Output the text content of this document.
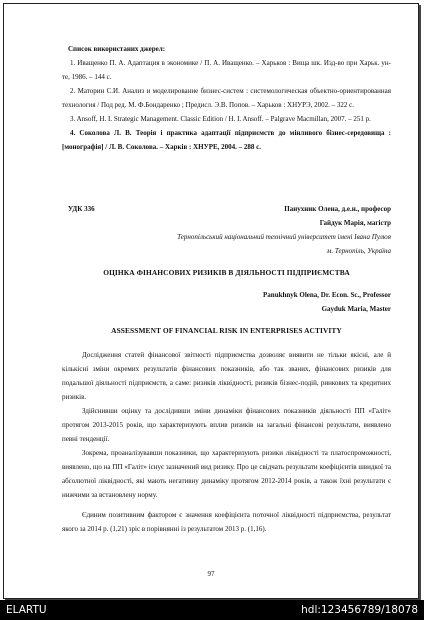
Список використаних джерел:

1. Иващенко П. А. Адаптация в экономике / П. А. Иващенко. – Харьков : Вища шк. Изд-во при Харьк. ун-те, 1986. – 144 с.

2. Маторин С.И. Анализ и моделирование бизнес-систем : системологическая объектно-ориентированная технология / Под ред. М. Ф.Бондаренко ; Предисл. Э.В. Попов. – Харьков : ХНУРЭ, 2002. – 322 с.

3. Ansoff, H. I. Strategic Management. Classic Edition / H. I. Ansoff. – Palgrave Macmillan, 2007. – 251 p.

4. Соколова Л. В. Теорія і практика адаптації підприємств до мінливого бізнес-середовища : [монографія] / Л. В. Соколова. – Харків : ХНУРЕ, 2004. – 288 с.

УДК 336	Панухник Олена, д.е.н., професор
Гайдук Марія, магістр
Тернопільський національний технічний університет імені Івана Пулюя
м. Тернопіль, Україна
ОЦІНКА ФІНАНСОВИХ РИЗИКІВ В ДІЯЛЬНОСТІ ПІДПРИЄМСТВА
Panukhnyk Olena, Dr. Econ. Sc., Professor
Gayduk Maria, Master
ASSESSMENT OF FINANCIAL RISK IN ENTERPRISES ACTIVITY

Дослідження статей фінансової звітності підприємства дозволяє виявити не тільки якісні, але й кількісні зміни окремих результатів фінансових показників, або так званих, фінансових ризиків для подальшої діяльності підприємств, а саме: ризиків ліквідності, ризиків бізнес-подій, ринкових та кредитних ризиків.

Здійснивши оцінку та дослідивши зміни динаміки фінансових показників діяльності ПП «Галіт» протягом 2013-2015 років, що характеризують вплив ризиків на загальні фінансові результати, виявлено певні тенденції.

Зокрема, проаналізувавши показники, що характеризують ризики ліквідності та платоспроможності, виявлено, що на ПП «Галіт» існує зазначений вид ризику. Про це свідчать результати коефіцієнтів швидкої та абсолютної ліквідності, які мають негативну динаміку протягом 2012-2014 років, а також їхні результати є нижчими за встановлену норму.

Єдиним позитивним фактором є значення коефіцієнта поточної ліквідності підприємства, результат якого за 2014 р. (1,21) зріс в порівнянні із результатом 2013 р. (1,16).

97
ELARTU	hdl:123456789/18078
